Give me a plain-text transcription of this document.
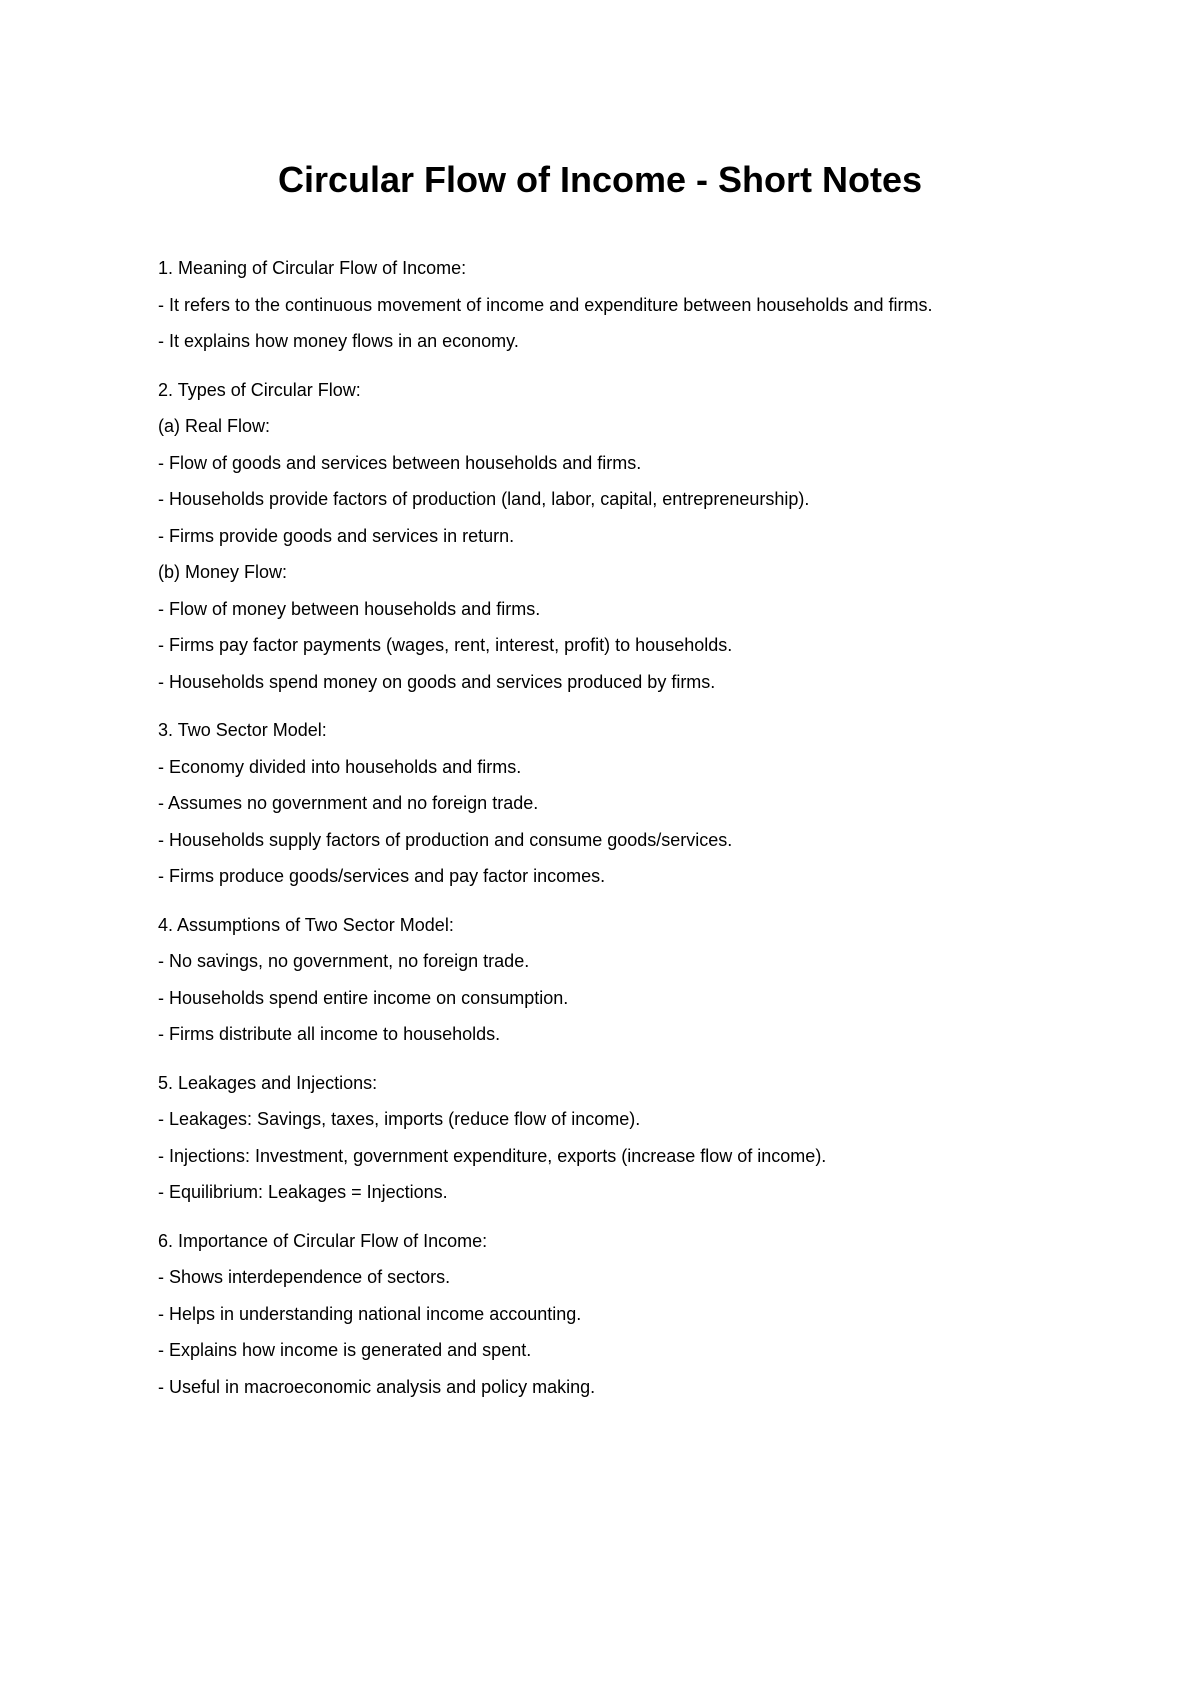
Circular Flow of Income - Short Notes
1. Meaning of Circular Flow of Income:
- It refers to the continuous movement of income and expenditure between households and firms.
- It explains how money flows in an economy.
2. Types of Circular Flow:
(a) Real Flow:
- Flow of goods and services between households and firms.
- Households provide factors of production (land, labor, capital, entrepreneurship).
- Firms provide goods and services in return.
(b) Money Flow:
- Flow of money between households and firms.
- Firms pay factor payments (wages, rent, interest, profit) to households.
- Households spend money on goods and services produced by firms.
3. Two Sector Model:
- Economy divided into households and firms.
- Assumes no government and no foreign trade.
- Households supply factors of production and consume goods/services.
- Firms produce goods/services and pay factor incomes.
4. Assumptions of Two Sector Model:
- No savings, no government, no foreign trade.
- Households spend entire income on consumption.
- Firms distribute all income to households.
5. Leakages and Injections:
- Leakages: Savings, taxes, imports (reduce flow of income).
- Injections: Investment, government expenditure, exports (increase flow of income).
- Equilibrium: Leakages = Injections.
6. Importance of Circular Flow of Income:
- Shows interdependence of sectors.
- Helps in understanding national income accounting.
- Explains how income is generated and spent.
- Useful in macroeconomic analysis and policy making.
